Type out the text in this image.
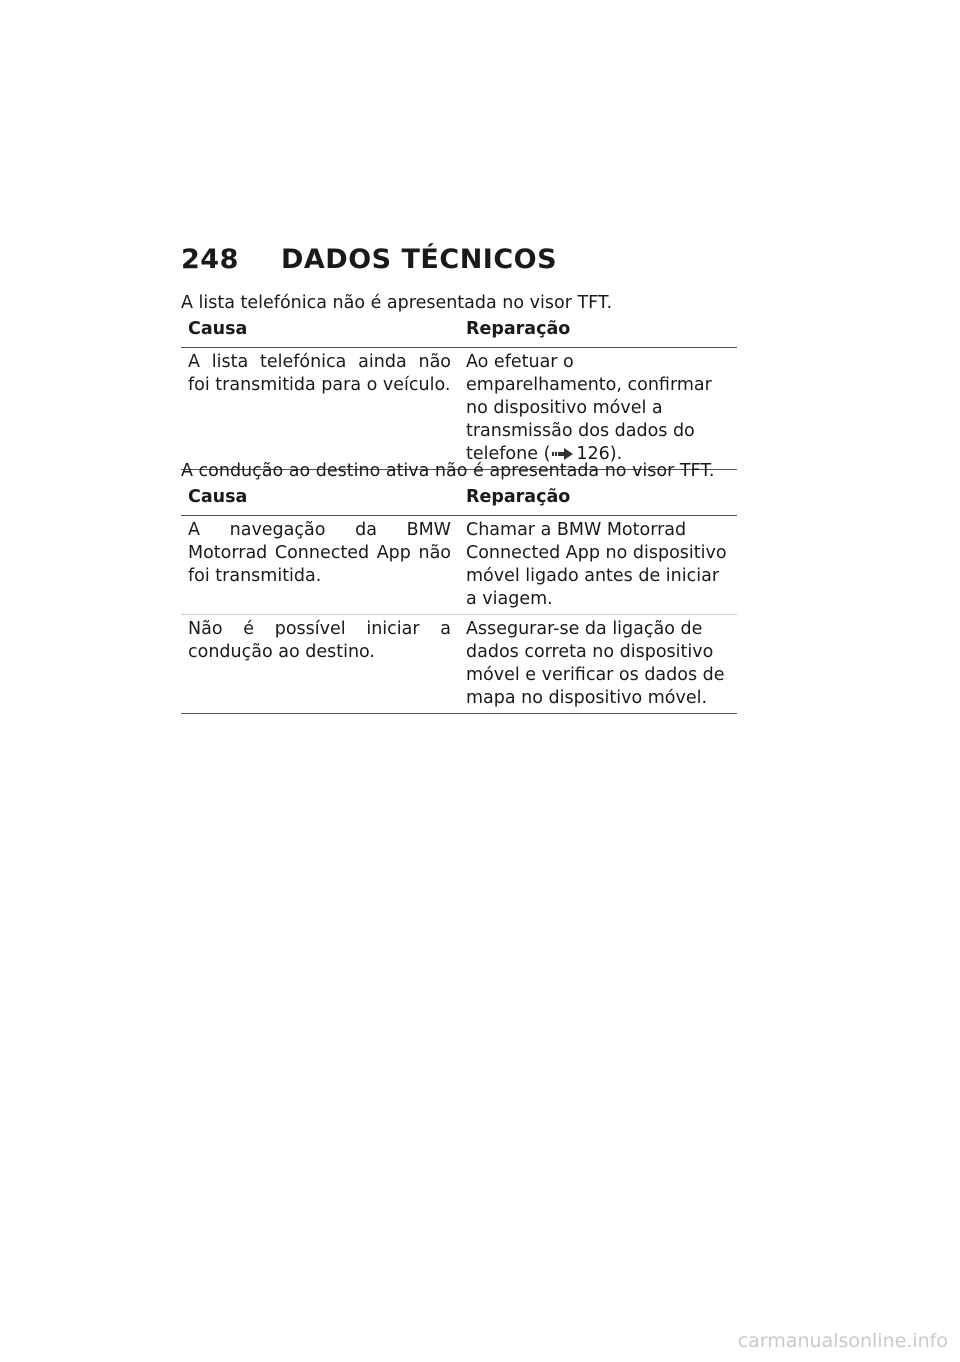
248	DADOS TÉCNICOS
A lista telefónica não é apresentada no visor TFT.
Causa	Reparação
A lista telefónica ainda não foi transmitida para o veículo.	Ao efetuar o emparelhamento, confirmar no dispositivo móvel a transmissão dos dados do telefone ( 126).
A condução ao destino ativa não é apresentada no visor TFT.
Causa	Reparação
A navegação da BMW Motorrad Connected App não foi transmitida.	Chamar a BMW Motorrad Connected App no dispositivo móvel ligado antes de iniciar a viagem.
Não é possível iniciar a condução ao destino.	Assegurar-se da ligação de dados correta no dispositivo móvel e verificar os dados de mapa no dispositivo móvel.
carmanualsonline.info
